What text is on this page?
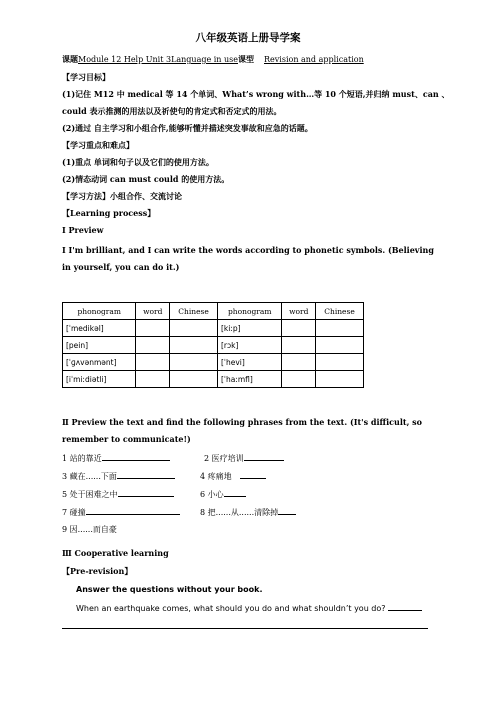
八年级英语上册导学案
课题Module 12 Help Unit 3Language in use课型 Revision and application
【学习目标】
(1)记住 M12 中 medical 等 14 个单词、What’s wrong with…等 10 个短语,并归纳 must、can 、
could 表示推测的用法以及祈使句的肯定式和否定式的用法。
(2)通过 自主学习和小组合作,能够听懂并描述突发事故和应急的话题。
【学习重点和难点】
(1)重点 单词和句子以及它们的使用方法。
(2)情态动词 can must could 的使用方法。
【学习方法】小组合作、交流讨论
【Learning process】
Ⅰ Preview
Ⅰ I'm brilliant, and I can write the words according to phonetic symbols. (Believing in yourself, you can do it.)
phonogram	word	Chinese	phonogram	word	Chinese
[ˈmedikəl]			[kiːp]		
[pein]			[rɔk]		
[ˈɡʌvənmənt]			[ˈhevi]		
[iˈmiːdiətli]			[ˈhaːmfl]		
Ⅱ Preview the text and find the following phrases from the text. (It's difficult, so remember to communicate!)
1 站的靠近	2 医疗培训
3 藏在......下面	4 疼痛地
5 处于困难之中	6 小心
7 碰撞	8 把......从......清除掉
9 因......而自豪
Ⅲ Cooperative learning
【Pre-revision】
Answer the questions without your book.
When an earthquake comes, what should you do and what shouldn’t you do?
